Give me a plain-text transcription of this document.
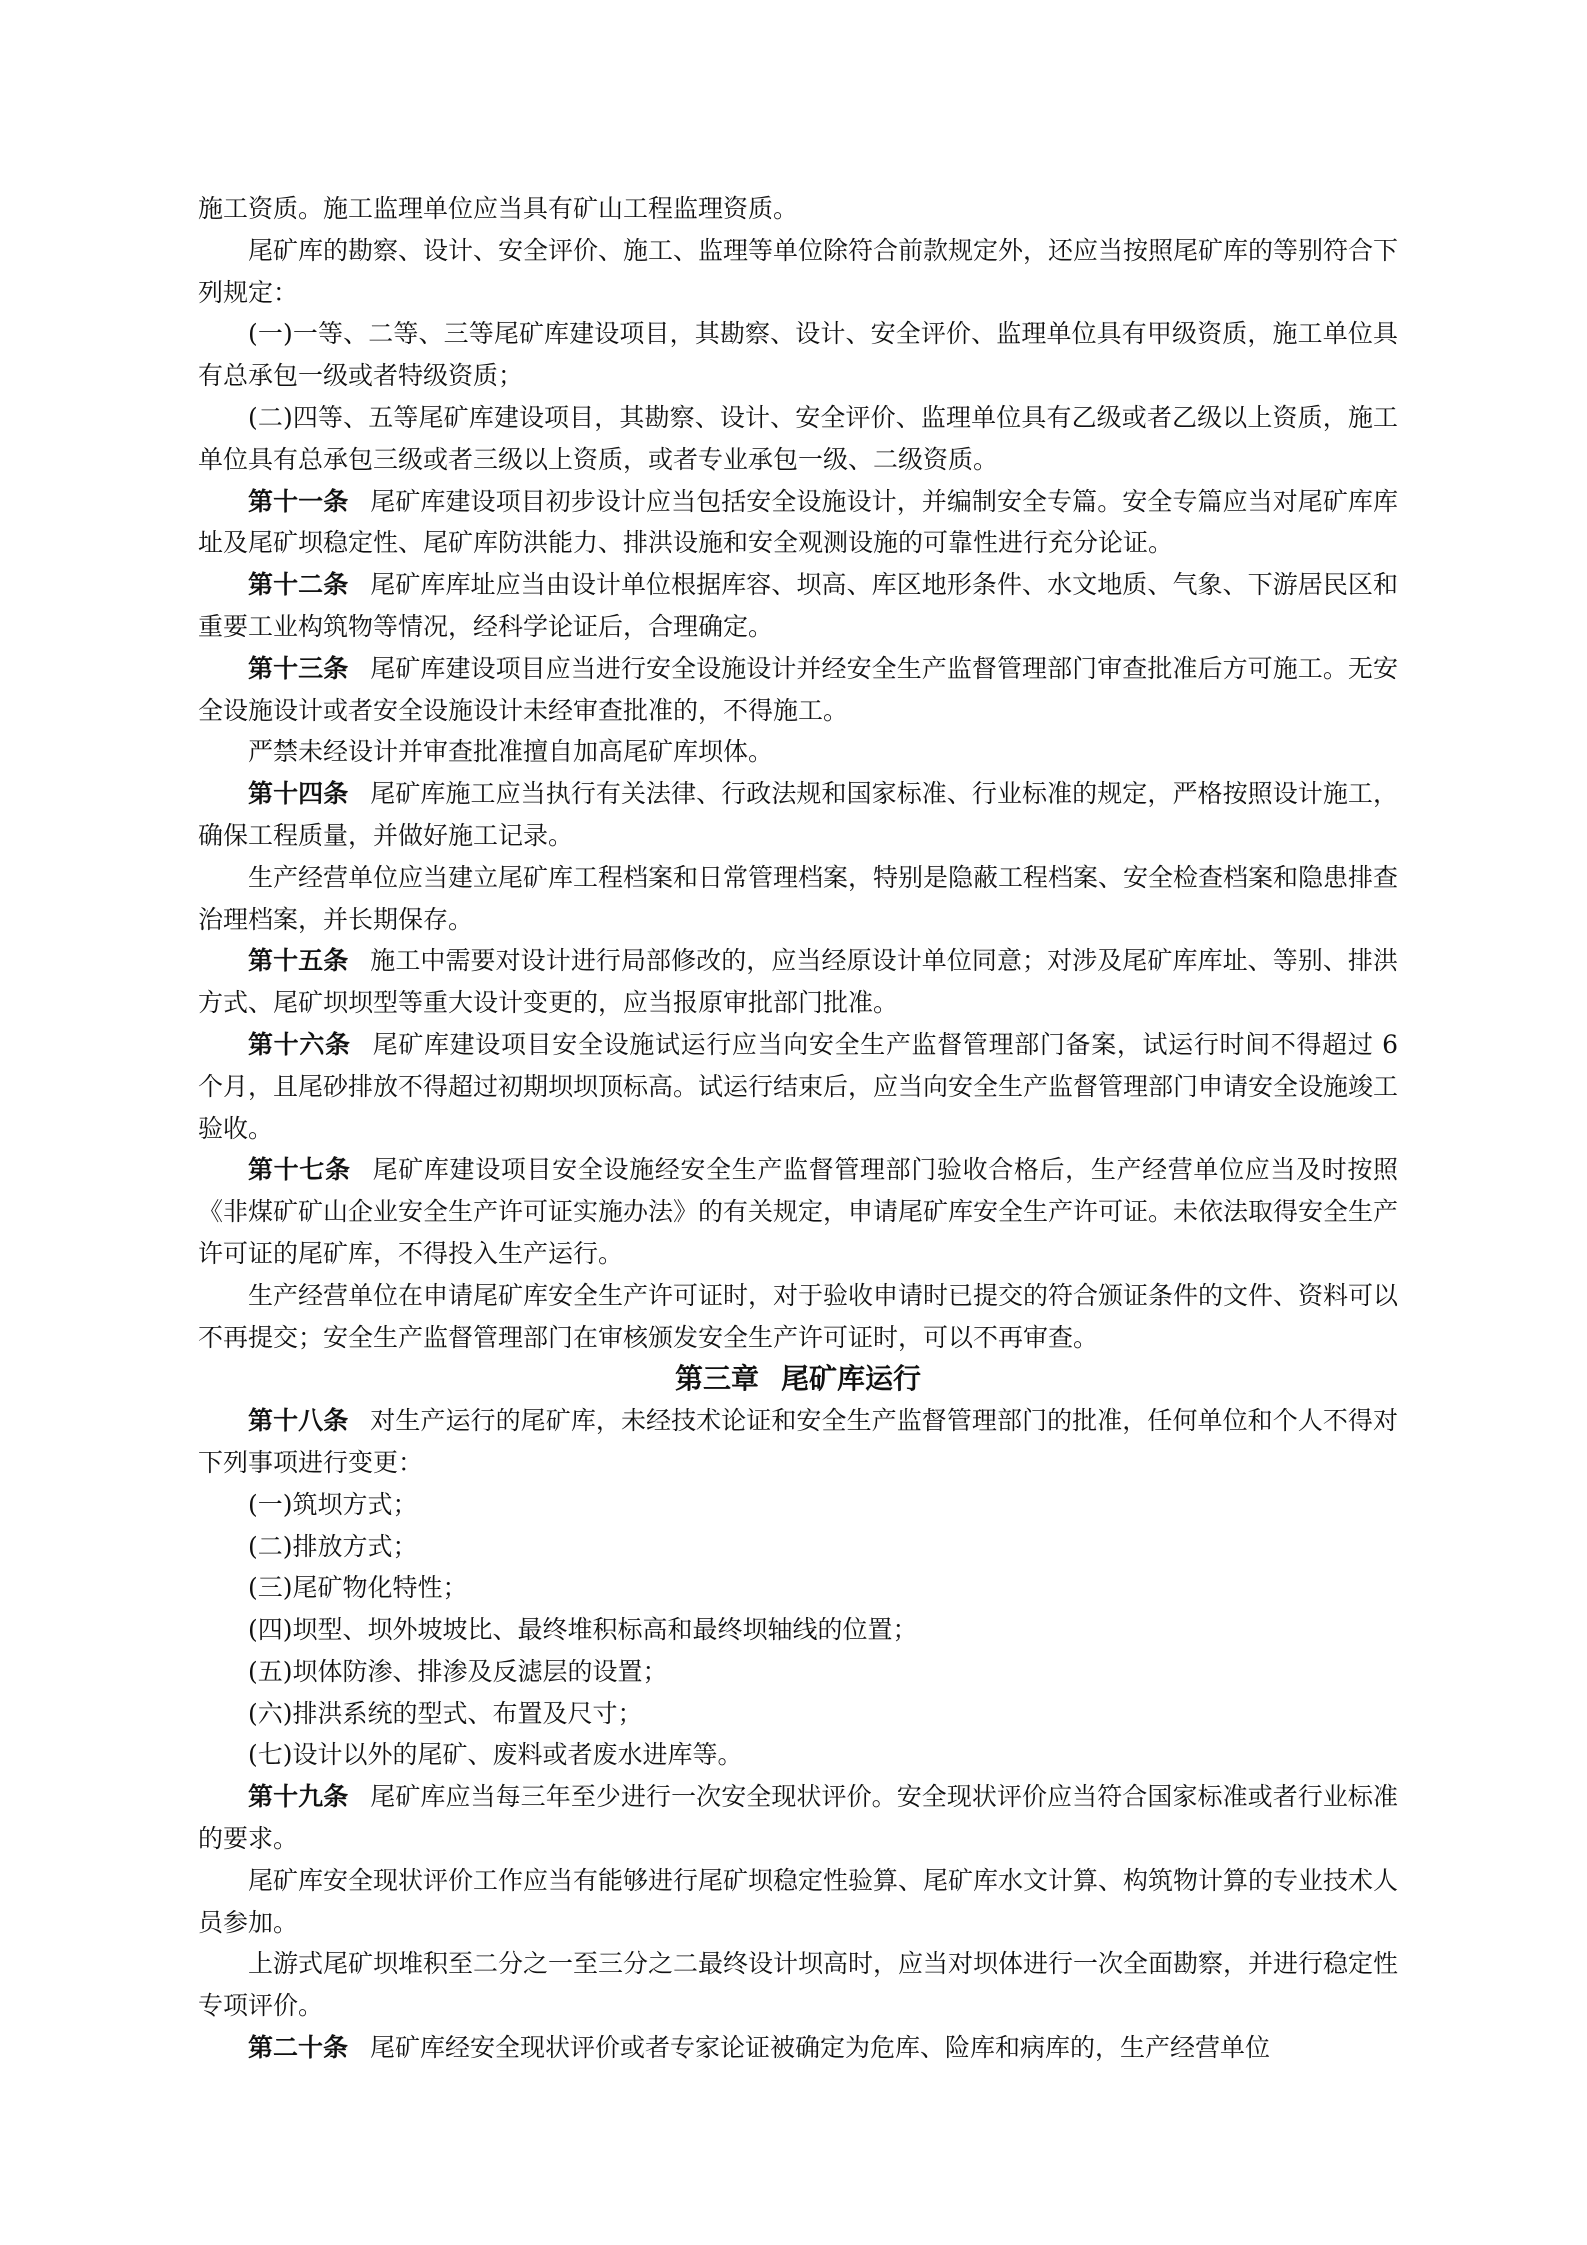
施工资质。施工监理单位应当具有矿山工程监理资质。

尾矿库的勘察、设计、安全评价、施工、监理等单位除符合前款规定外，还应当按照尾矿库的等别符合下列规定：

(一)一等、二等、三等尾矿库建设项目，其勘察、设计、安全评价、监理单位具有甲级资质，施工单位具有总承包一级或者特级资质；

(二)四等、五等尾矿库建设项目，其勘察、设计、安全评价、监理单位具有乙级或者乙级以上资质，施工单位具有总承包三级或者三级以上资质，或者专业承包一级、二级资质。

第十一条 尾矿库建设项目初步设计应当包括安全设施设计，并编制安全专篇。安全专篇应当对尾矿库库址及尾矿坝稳定性、尾矿库防洪能力、排洪设施和安全观测设施的可靠性进行充分论证。

第十二条 尾矿库库址应当由设计单位根据库容、坝高、库区地形条件、水文地质、气象、下游居民区和重要工业构筑物等情况，经科学论证后，合理确定。

第十三条 尾矿库建设项目应当进行安全设施设计并经安全生产监督管理部门审查批准后方可施工。无安全设施设计或者安全设施设计未经审查批准的，不得施工。

严禁未经设计并审查批准擅自加高尾矿库坝体。

第十四条 尾矿库施工应当执行有关法律、行政法规和国家标准、行业标准的规定，严格按照设计施工，确保工程质量，并做好施工记录。

生产经营单位应当建立尾矿库工程档案和日常管理档案，特别是隐蔽工程档案、安全检查档案和隐患排查治理档案，并长期保存。

第十五条 施工中需要对设计进行局部修改的，应当经原设计单位同意；对涉及尾矿库库址、等别、排洪方式、尾矿坝坝型等重大设计变更的，应当报原审批部门批准。

第十六条 尾矿库建设项目安全设施试运行应当向安全生产监督管理部门备案，试运行时间不得超过 6 个月，且尾砂排放不得超过初期坝坝顶标高。试运行结束后，应当向安全生产监督管理部门申请安全设施竣工验收。

第十七条 尾矿库建设项目安全设施经安全生产监督管理部门验收合格后，生产经营单位应当及时按照《非煤矿矿山企业安全生产许可证实施办法》的有关规定，申请尾矿库安全生产许可证。未依法取得安全生产许可证的尾矿库，不得投入生产运行。

生产经营单位在申请尾矿库安全生产许可证时，对于验收申请时已提交的符合颁证条件的文件、资料可以不再提交；安全生产监督管理部门在审核颁发安全生产许可证时，可以不再审查。

第三章 尾矿库运行

第十八条 对生产运行的尾矿库，未经技术论证和安全生产监督管理部门的批准，任何单位和个人不得对下列事项进行变更：

(一)筑坝方式；

(二)排放方式；

(三)尾矿物化特性；

(四)坝型、坝外坡坡比、最终堆积标高和最终坝轴线的位置；

(五)坝体防渗、排渗及反滤层的设置；

(六)排洪系统的型式、布置及尺寸；

(七)设计以外的尾矿、废料或者废水进库等。

第十九条 尾矿库应当每三年至少进行一次安全现状评价。安全现状评价应当符合国家标准或者行业标准的要求。

尾矿库安全现状评价工作应当有能够进行尾矿坝稳定性验算、尾矿库水文计算、构筑物计算的专业技术人员参加。

上游式尾矿坝堆积至二分之一至三分之二最终设计坝高时，应当对坝体进行一次全面勘察，并进行稳定性专项评价。

第二十条 尾矿库经安全现状评价或者专家论证被确定为危库、险库和病库的，生产经营单位
